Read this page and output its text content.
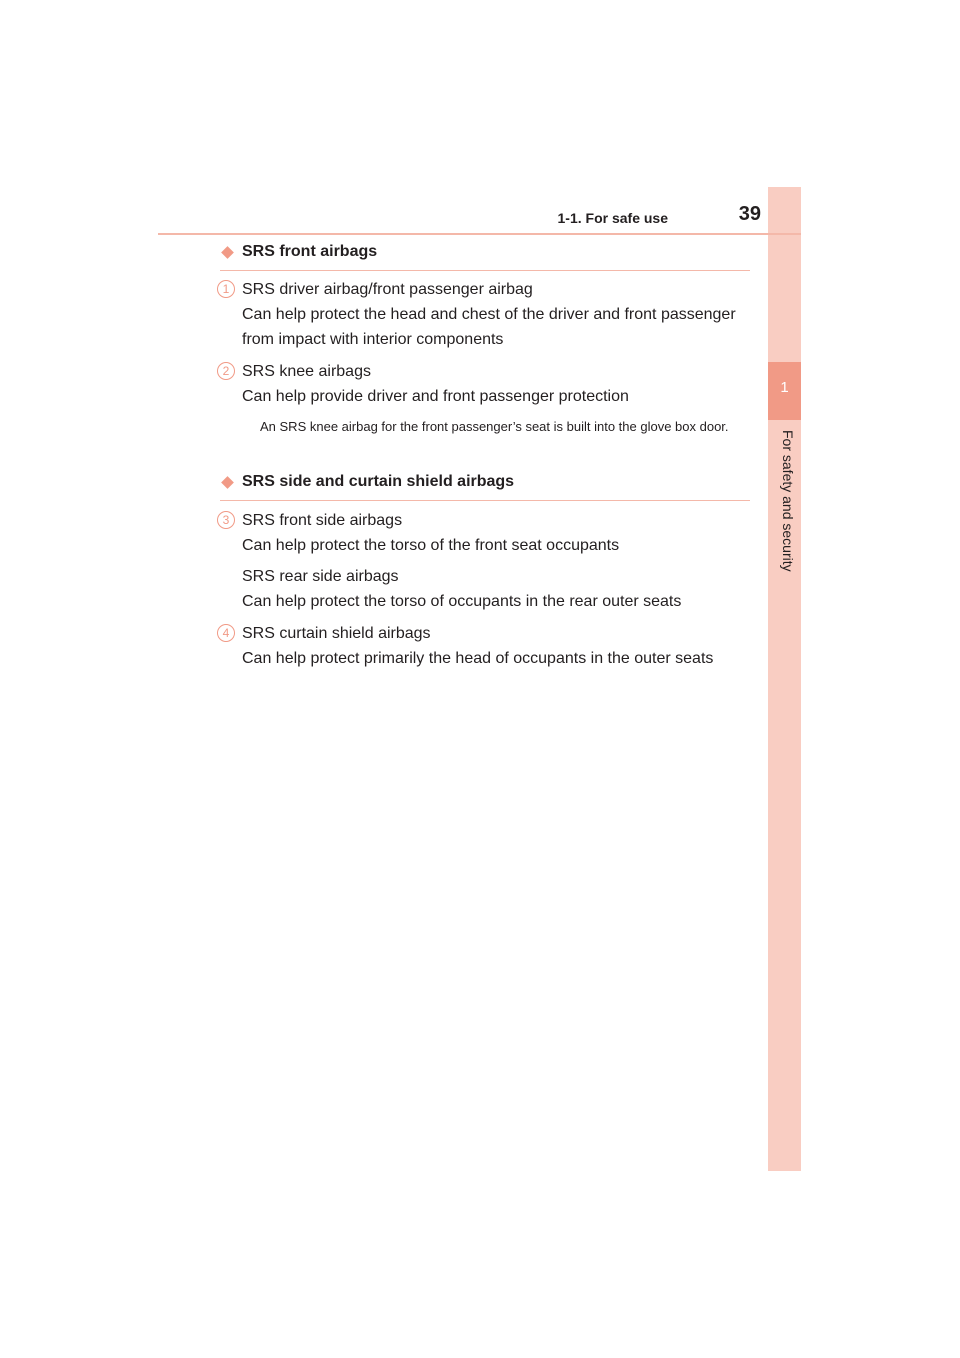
1
For safety and security
1-1. For safe use	39
SRS front airbags
1 SRS driver airbag/front passenger airbag

Can help protect the head and chest of the driver and front passenger from impact with interior components

2 SRS knee airbags

Can help provide driver and front passenger protection

An SRS knee airbag for the front passenger’s seat is built into the glove box door.
SRS side and curtain shield airbags
3 SRS front side airbags

Can help protect the torso of the front seat occupants

SRS rear side airbags

Can help protect the torso of occupants in the rear outer seats

4 SRS curtain shield airbags

Can help protect primarily the head of occupants in the outer seats
